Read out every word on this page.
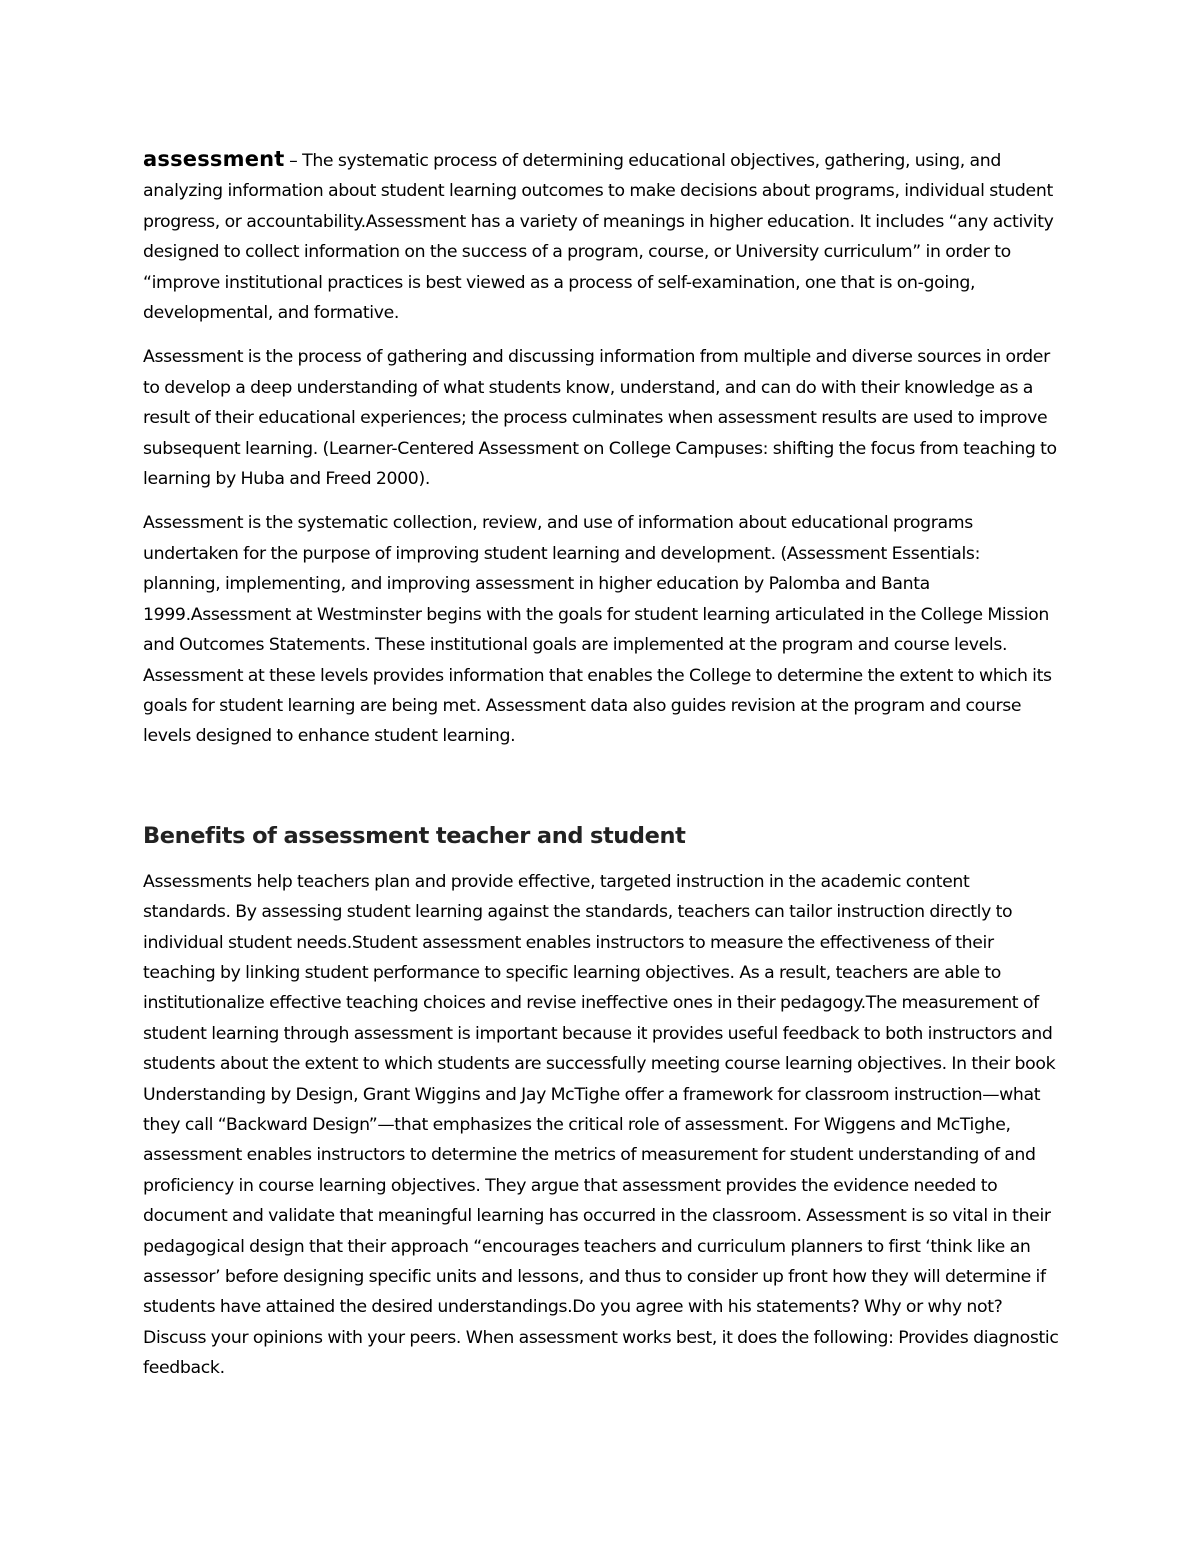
assessment – The systematic process of determining educational objectives, gathering, using, and analyzing information about student learning outcomes to make decisions about programs, individual student progress, or accountability.Assessment has a variety of meanings in higher education. It includes “any activity designed to collect information on the success of a program, course, or University curriculum” in order to “improve institutional practices is best viewed as a process of self-examination, one that is on-going, developmental, and formative.

Assessment is the process of gathering and discussing information from multiple and diverse sources in order to develop a deep understanding of what students know, understand, and can do with their knowledge as a result of their educational experiences; the process culminates when assessment results are used to improve subsequent learning. (Learner-Centered Assessment on College Campuses: shifting the focus from teaching to learning by Huba and Freed 2000).

Assessment is the systematic collection, review, and use of information about educational programs undertaken for the purpose of improving student learning and development. (Assessment Essentials: planning, implementing, and improving assessment in higher education by Palomba and Banta 1999.Assessment at Westminster begins with the goals for student learning articulated in the College Mission and Outcomes Statements. These institutional goals are implemented at the program and course levels. Assessment at these levels provides information that enables the College to determine the extent to which its goals for student learning are being met. Assessment data also guides revision at the program and course levels designed to enhance student learning.

Benefits of assessment teacher and student

Assessments help teachers plan and provide effective, targeted instruction in the academic content standards. By assessing student learning against the standards, teachers can tailor instruction directly to individual student needs.Student assessment enables instructors to measure the effectiveness of their teaching by linking student performance to specific learning objectives. As a result, teachers are able to institutionalize effective teaching choices and revise ineffective ones in their pedagogy.The measurement of student learning through assessment is important because it provides useful feedback to both instructors and students about the extent to which students are successfully meeting course learning objectives. In their book Understanding by Design, Grant Wiggins and Jay McTighe offer a framework for classroom instruction—what they call “Backward Design”—that emphasizes the critical role of assessment. For Wiggens and McTighe, assessment enables instructors to determine the metrics of measurement for student understanding of and proficiency in course learning objectives. They argue that assessment provides the evidence needed to document and validate that meaningful learning has occurred in the classroom. Assessment is so vital in their pedagogical design that their approach “encourages teachers and curriculum planners to first ‘think like an assessor’ before designing specific units and lessons, and thus to consider up front how they will determine if students have attained the desired understandings.Do you agree with his statements? Why or why not? Discuss your opinions with your peers. When assessment works best, it does the following: Provides diagnostic feedback.
